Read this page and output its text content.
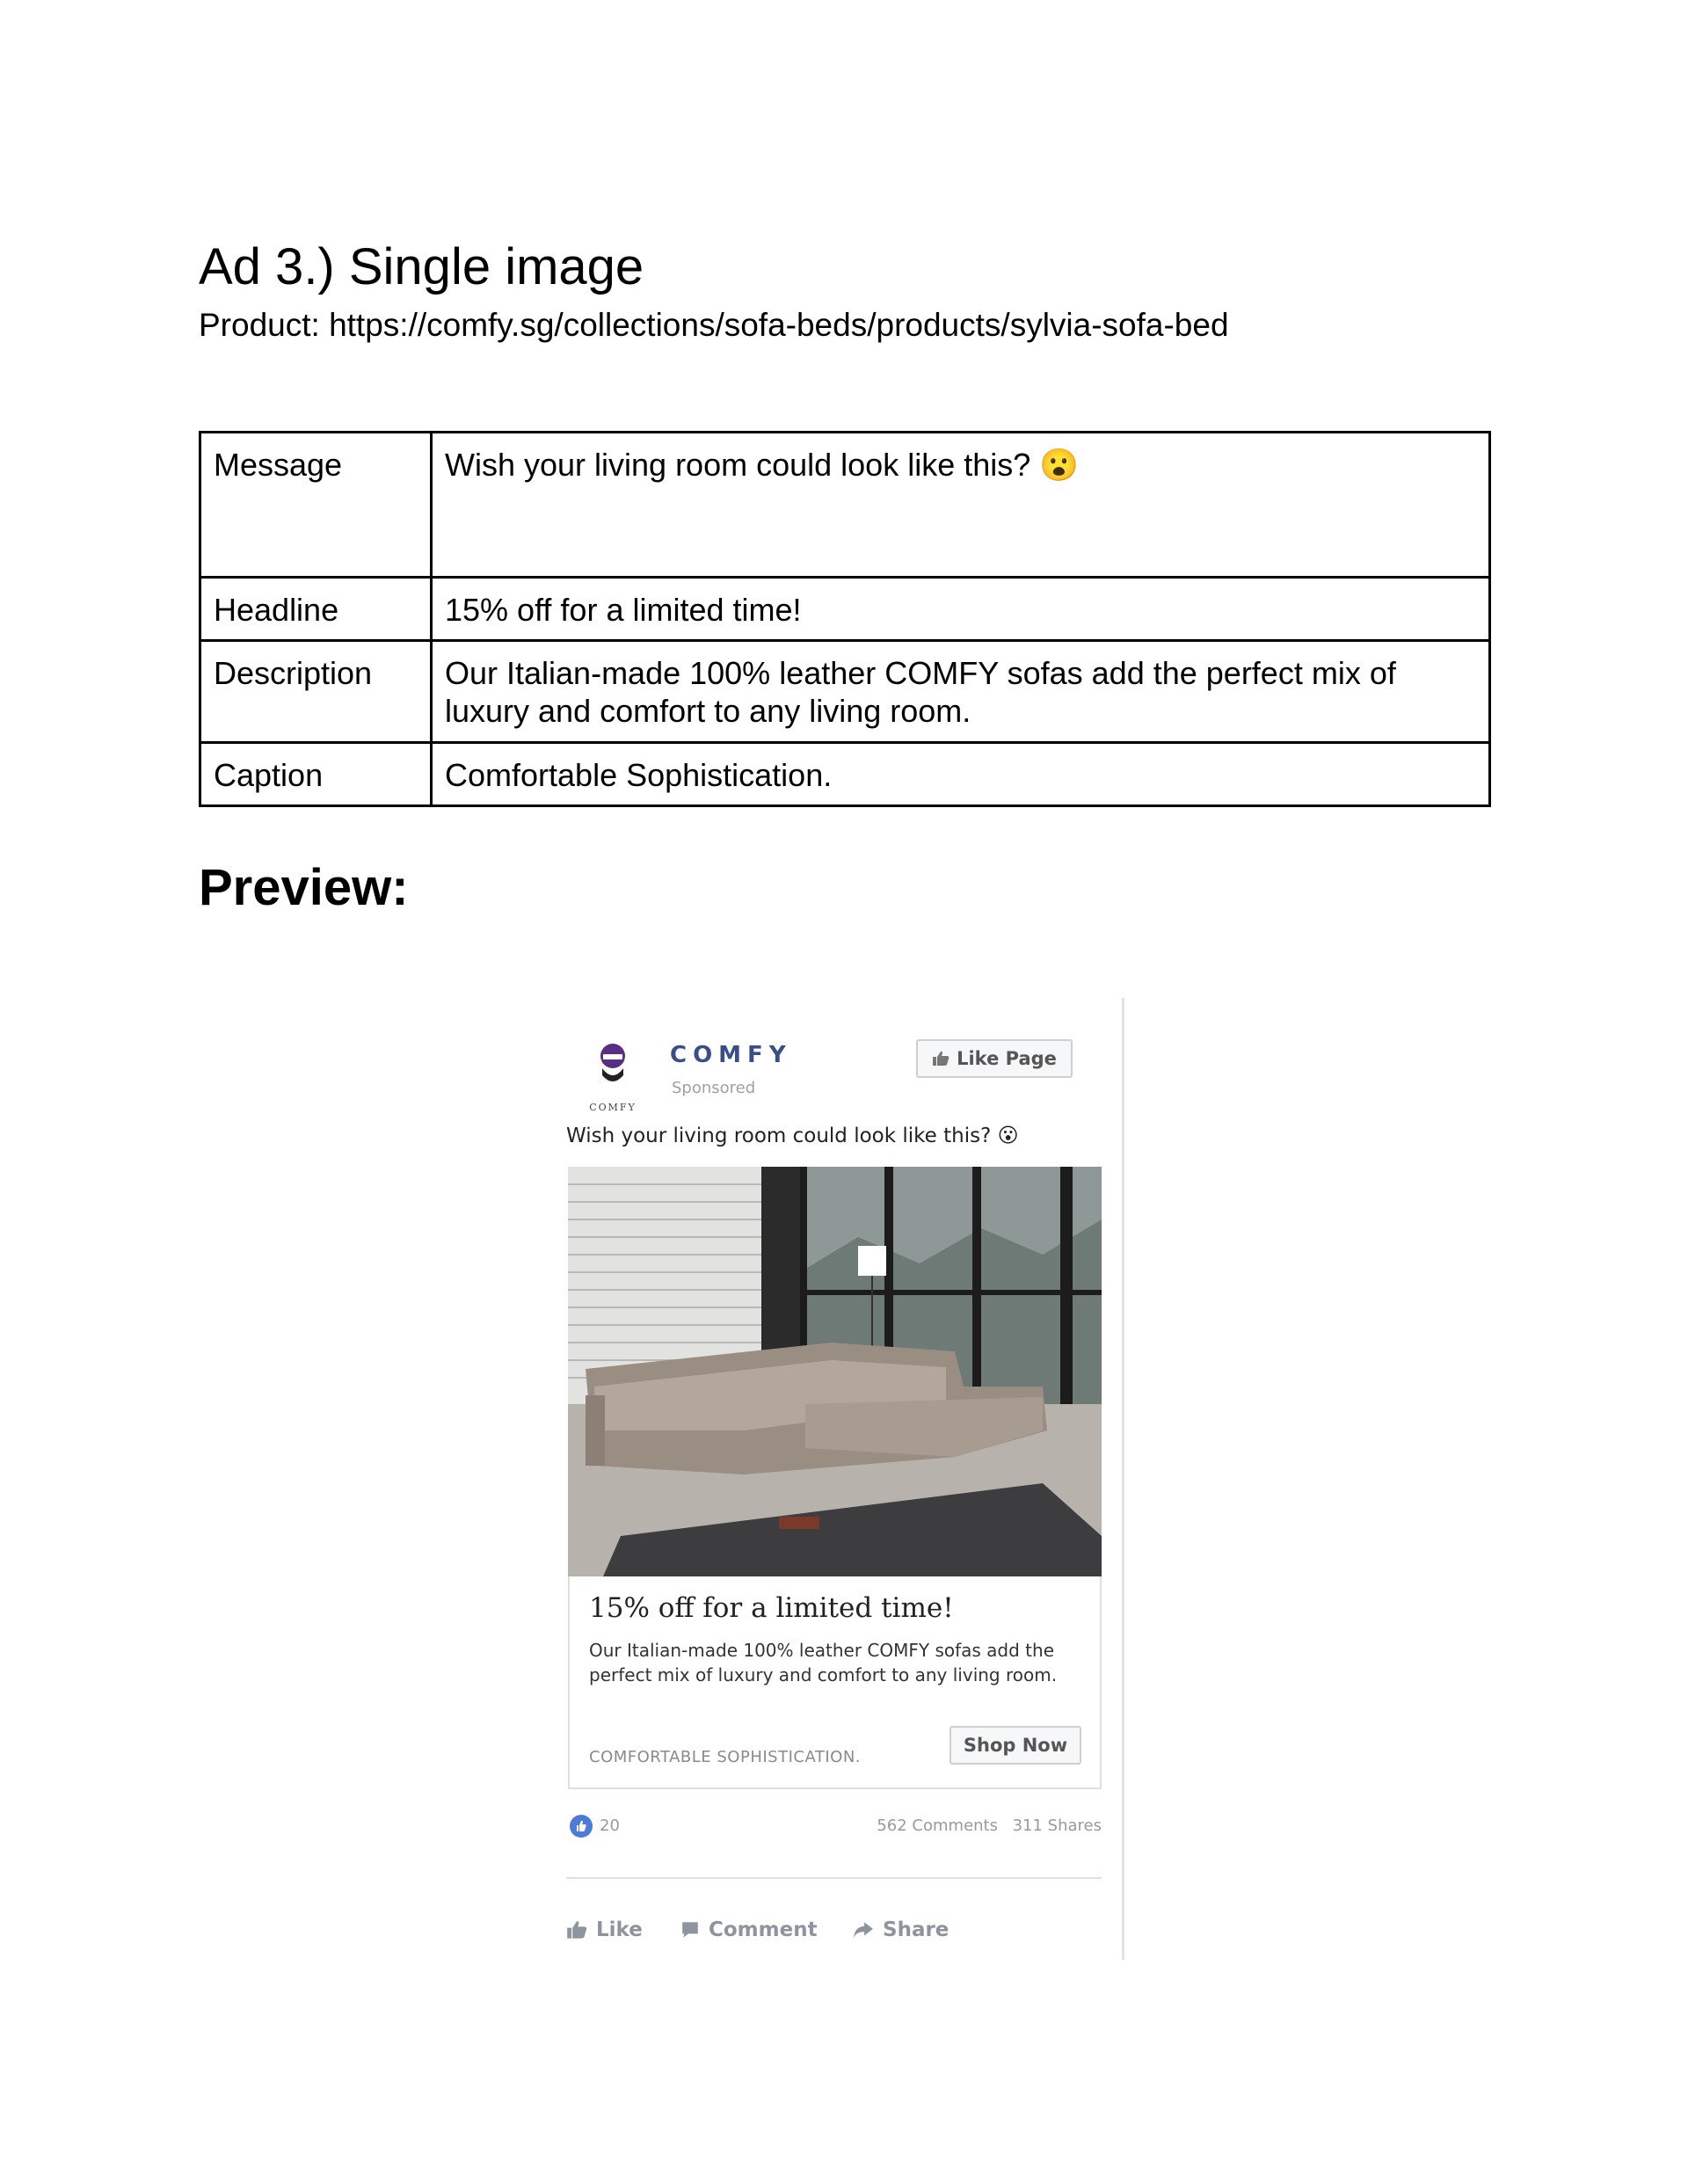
Ad 3.) Single image
Product: https://comfy.sg/collections/sofa-beds/products/sylvia-sofa-bed
Message	Wish your living room could look like this? 😮
Headline	15% off for a limited time!
Description	Our Italian-made 100% leather COMFY sofas add the perfect mix of luxury and comfort to any living room.
Caption	Comfortable Sophistication.
Preview:
COMFY
COMFY
Sponsored
Like Page
Wish your living room could look like this? 😮
15% off for a limited time!
Our Italian-made 100% leather COMFY sofas add the perfect mix of luxury and comfort to any living room.
COMFORTABLE SOPHISTICATION.
Shop Now
20	562 Comments 311 Shares
Like	Comment	Share
